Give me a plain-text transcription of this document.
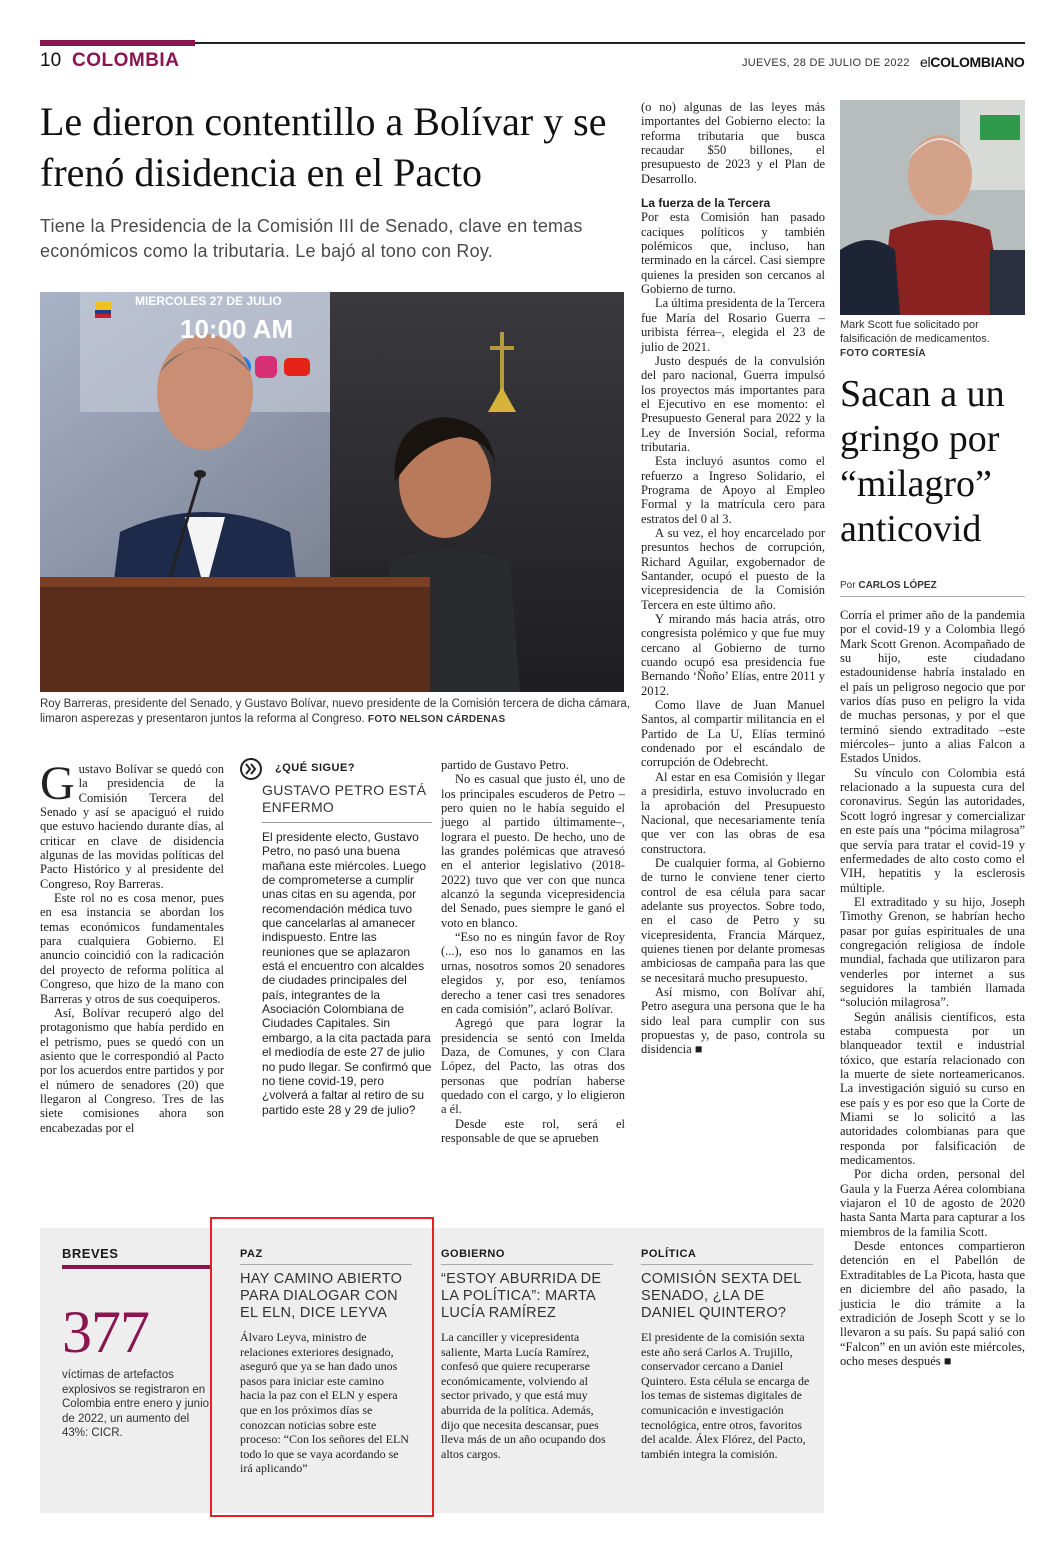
10 COLOMBIA	JUEVES, 28 DE JULIO DE 2022 elCOLOMBIANO
Le dieron contentillo a Bolívar y se frenó disidencia en el Pacto
Tiene la Presidencia de la Comisión III de Senado, clave en temas económicos como la tributaria. Le bajó al tono con Roy.
MIERCOLES 27 DE JULIO
10:00 AM
Roy Barreras, presidente del Senado, y Gustavo Bolívar, nuevo presidente de la Comisión tercera de dicha cámara, limaron asperezas y presentaron juntos la reforma al Congreso. FOTO NELSON CÁRDENAS

Gustavo Bolívar se quedó con la presidencia de la Comisión Tercera del Senado y así se apaciguó el ruido que estuvo haciendo durante días, al criticar en clave de disidencia algunas de las movidas políticas del Pacto Histórico y al presidente del Congreso, Roy Barreras.

Este rol no es cosa menor, pues en esa instancia se abordan los temas económicos fundamentales para cualquiera Gobierno. El anuncio coincidió con la radicación del proyecto de reforma política al Congreso, que hizo de la mano con Barreras y otros de sus coequiperos.

Así, Bolívar recuperó algo del protagonismo que había perdido en el petrismo, pues se quedó con un asiento que le correspondió al Pacto por los acuerdos entre partidos y por el número de senadores (20) que llegaron al Congreso. Tres de las siete comisiones ahora son encabezadas por el

¿QUÉ SIGUE?
GUSTAVO PETRO ESTÁ ENFERMO
El presidente electo, Gustavo Petro, no pasó una buena mañana este miércoles. Luego de comprometerse a cumplir unas citas en su agenda, por recomendación médica tuvo que cancelarlas al amanecer indispuesto. Entre las reuniones que se aplazaron está el encuentro con alcaldes de ciudades principales del país, integrantes de la Asociación Colombiana de Ciudades Capitales. Sin embargo, a la cita pactada para el mediodía de este 27 de julio no pudo llegar. Se confirmó que no tiene covid-19, pero ¿volverá a faltar al retiro de su partido este 28 y 29 de julio?

partido de Gustavo Petro.

No es casual que justo él, uno de los principales escuderos de Petro –pero quien no le había seguido el juego al partido últimamente–, lograra el puesto. De hecho, uno de las grandes polémicas que atravesó en el anterior legislativo (2018-2022) tuvo que ver con que nunca alcanzó la segunda vicepresidencia del Senado, pues siempre le ganó el voto en blanco.

“Eso no es ningún favor de Roy (...), eso nos lo ganamos en las urnas, nosotros somos 20 senadores elegidos y, por eso, teníamos derecho a tener casi tres senadores en cada comisión”, aclaró Bolívar.

Agregó que para lograr la presidencia se sentó con Imelda Daza, de Comunes, y con Clara López, del Pacto, las otras dos personas que podrían haberse quedado con el cargo, y lo eligieron a él.

Desde este rol, será el responsable de que se aprueben

(o no) algunas de las leyes más importantes del Gobierno electo: la reforma tributaria que busca recaudar $50 billones, el presupuesto de 2023 y el Plan de Desarrollo.

La fuerza de la Tercera

Por esta Comisión han pasado caciques políticos y también polémicos que, incluso, han terminado en la cárcel. Casi siempre quienes la presiden son cercanos al Gobierno de turno.

La última presidenta de la Tercera fue María del Rosario Guerra –uribista férrea–, elegida el 23 de julio de 2021.

Justo después de la convulsión del paro nacional, Guerra impulsó los proyectos más importantes para el Ejecutivo en ese momento: el Presupuesto General para 2022 y la Ley de Inversión Social, reforma tributaria.

Esta incluyó asuntos como el refuerzo a Ingreso Solidario, el Programa de Apoyo al Empleo Formal y la matrícula cero para estratos del 0 al 3.

A su vez, el hoy encarcelado por presuntos hechos de corrupción, Richard Aguilar, exgobernador de Santander, ocupó el puesto de la vicepresidencia de la Comisión Tercera en este último año.

Y mirando más hacia atrás, otro congresista polémico y que fue muy cercano al Gobierno de turno cuando ocupó esa presidencia fue Bernando ‘Ñoño’ Elías, entre 2011 y 2012.

Como llave de Juan Manuel Santos, al compartir militancia en el Partido de La U, Elías terminó condenado por el escándalo de corrupción de Odebrecht.

Al estar en esa Comisión y llegar a presidirla, estuvo involucrado en la aprobación del Presupuesto Nacional, que necesariamente tenía que ver con las obras de esa constructora.

De cualquier forma, al Gobierno de turno le conviene tener cierto control de esa célula para sacar adelante sus proyectos. Sobre todo, en el caso de Petro y su vicepresidenta, Francia Márquez, quienes tienen por delante promesas ambiciosas de campaña para las que se necesitará mucho presupuesto.

Así mismo, con Bolívar ahí, Petro asegura una persona que le ha sido leal para cumplir con sus propuestas y, de paso, controla su disidencia ■

Mark Scott fue solicitado por falsificación de medicamentos.
FOTO CORTESÍA
Sacan a un gringo por “milagro” anticovid
Por CARLOS LÓPEZ

Corría el primer año de la pandemia por el covid-19 y a Colombia llegó Mark Scott Grenon. Acompañado de su hijo, este ciudadano estadounidense habría instalado en el país un peligroso negocio que por varios días puso en peligro la vida de muchas personas, y por el que terminó siendo extraditado –este miércoles– junto a alias Falcon a Estados Unidos.

Su vínculo con Colombia está relacionado a la supuesta cura del coronavirus. Según las autoridades, Scott logró ingresar y comercializar en este país una “pócima milagrosa” que servía para tratar el covid-19 y enfermedades de alto costo como el VIH, hepatitis y la esclerosis múltiple.

El extraditado y su hijo, Joseph Timothy Grenon, se habrían hecho pasar por guías espirituales de una congregación religiosa de índole mundial, fachada que utilizaron para venderles por internet a sus seguidores la también llamada “solución milagrosa”.

Según análisis científicos, esta estaba compuesta por un blanqueador textil e industrial tóxico, que estaría relacionado con la muerte de siete norteamericanos. La investigación siguió su curso en ese país y es por eso que la Corte de Miami se lo solicitó a las autoridades colombianas para que responda por falsificación de medicamentos.

Por dicha orden, personal del Gaula y la Fuerza Aérea colombiana viajaron el 10 de agosto de 2020 hasta Santa Marta para capturar a los miembros de la familia Scott.

Desde entonces compartieron detención en el Pabellón de Extraditables de La Picota, hasta que en diciembre del año pasado, la justicia le dio trámite a la extradición de Joseph Scott y se lo llevaron a su país. Su papá salió con “Falcon” en un avión este miércoles, ocho meses después ■

BREVES
377
víctimas de artefactos explosivos se registraron en Colombia entre enero y junio de 2022, un aumento del 43%: CICR.
PAZ
HAY CAMINO ABIERTO PARA DIALOGAR CON EL ELN, DICE LEYVA
Álvaro Leyva, ministro de relaciones exteriores designado, aseguró que ya se han dado unos pasos para iniciar este camino hacia la paz con el ELN y espera que en los próximos días se conozcan noticias sobre este proceso: “Con los señores del ELN todo lo que se vaya acordando se irá aplicando”
GOBIERNO
“ESTOY ABURRIDA DE LA POLÍTICA”: MARTA LUCÍA RAMÍREZ
La canciller y vicepresidenta saliente, Marta Lucía Ramírez, confesó que quiere recuperarse económicamente, volviendo al sector privado, y que está muy aburrida de la política. Además, dijo que necesita descansar, pues lleva más de un año ocupando dos altos cargos.
POLÍTICA
COMISIÓN SEXTA DEL SENADO, ¿LA DE DANIEL QUINTERO?
El presidente de la comisión sexta este año será Carlos A. Trujillo, conservador cercano a Daniel Quintero. Esta célula se encarga de los temas de sistemas digitales de comunicación e investigación tecnológica, entre otros, favoritos del acalde. Álex Flórez, del Pacto, también integra la comisión.
